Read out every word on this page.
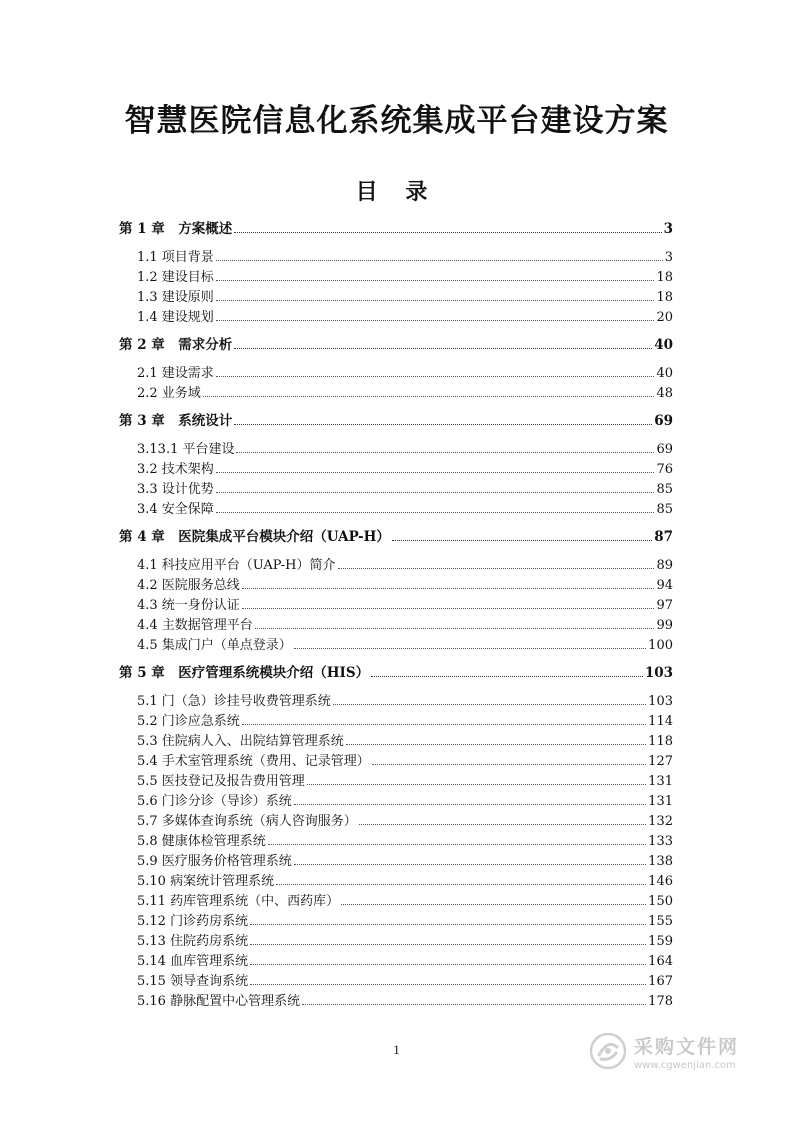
智慧医院信息化系统集成平台建设方案
目 录
第 1 章　方案概述	3
1.1 项目背景	3
1.2 建设目标	18
1.3 建设原则	18
1.4 建设规划	20
第 2 章　需求分析	40
2.1 建设需求	40
2.2 业务域	48
第 3 章　系统设计	69
3.13.1 平台建设	69
3.2 技术架构	76
3.3 设计优势	85
3.4 安全保障	85
第 4 章　医院集成平台模块介绍（UAP-H）	87
4.1 科技应用平台（UAP-H）简介	89
4.2 医院服务总线	94
4.3 统一身份认证	97
4.4 主数据管理平台	99
4.5 集成门户（单点登录）	100
第 5 章　医疗管理系统模块介绍（HIS）	103
5.1 门（急）诊挂号收费管理系统	103
5.2 门诊应急系统	114
5.3 住院病人入、出院结算管理系统	118
5.4 手术室管理系统（费用、记录管理）	127
5.5 医技登记及报告费用管理	131
5.6 门诊分诊（导诊）系统	131
5.7 多媒体查询系统（病人咨询服务）	132
5.8 健康体检管理系统	133
5.9 医疗服务价格管理系统	138
5.10 病案统计管理系统	146
5.11 药库管理系统（中、西药库）	150
5.12 门诊药房系统	155
5.13 住院药房系统	159
5.14 血库管理系统	164
5.15 领导查询系统	167
5.16 静脉配置中心管理系统	178
1	采购文件网
www.cgwenjian.com
